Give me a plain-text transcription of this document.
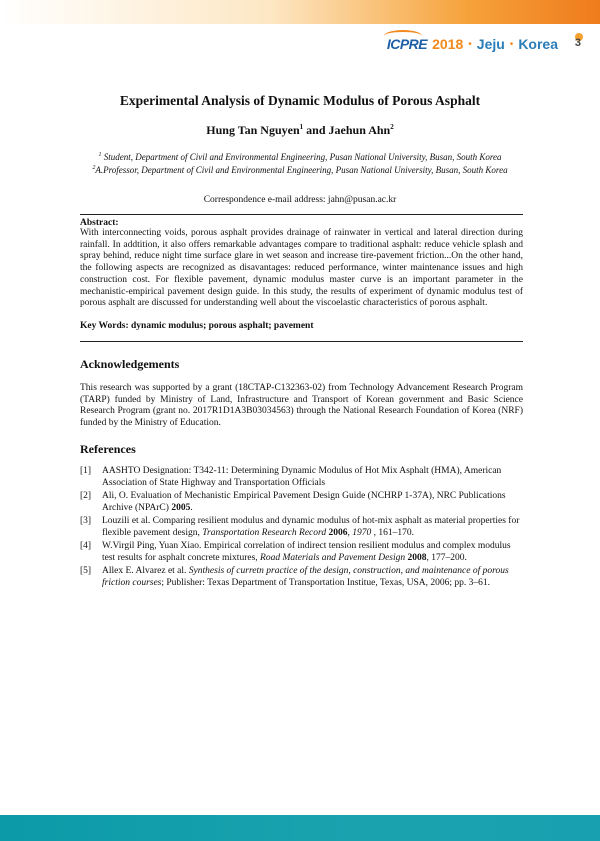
ICPRE 2018 • Jeju • Korea 3
Experimental Analysis of Dynamic Modulus of Porous Asphalt
Hung Tan Nguyen$^1$ and Jaehun Ahn$^2$
$^1$ Student, Department of Civil and Environmental Engineering, Pusan National University, Busan, South Korea
$^2$A.Professor, Department of Civil and Environmental Engineering, Pusan National University, Busan, South Korea
Correspondence e-mail address: jahn@pusan.ac.kr
Abstract:
With interconnecting voids, porous asphalt provides drainage of rainwater in vertical and lateral direction during rainfall. In addtition, it also offers remarkable advantages compare to traditional asphalt: reduce vehicle splash and spray behind, reduce night time surface glare in wet season and increase tire-pavement friction...On the other hand, the following aspects are recognized as disavantages: reduced performance, winter maintenance issues and high construction cost. For flexible pavement, dynamic modulus master curve is an important parameter in the mechanistic-empirical pavement design guide. In this study, the results of experiment of dynamic modulus test of porous asphalt are discussed for understanding well about the viscoelastic characteristics of porous asphalt.
Key Words: dynamic modulus; porous asphalt; pavement
Acknowledgements
This research was supported by a grant (18CTAP-C132363-02) from Technology Advancement Research Program (TARP) funded by Ministry of Land, Infrastructure and Transport of Korean government and Basic Science Research Program (grant no. 2017R1D1A3B03034563) through the National Research Foundation of Korea (NRF) funded by the Ministry of Education.
References
[1]	AASHTO Designation: T342-11: Determining Dynamic Modulus of Hot Mix Asphalt (HMA), American Association of State Highway and Transportation Officials
[2]	Ali, O. Evaluation of Mechanistic Empirical Pavement Design Guide (NCHRP 1-37A), NRC Publications Archive (NPArC) 2005.
[3]	Louzili et al. Comparing resilient modulus and dynamic modulus of hot-mix asphalt as material properties for flexible pavement design, Transportation Research Record 2006, 1970 , 161–170.
[4]	W.Virgil Ping, Yuan Xiao. Empirical correlation of indirect tension resilient modulus and complex modulus test results for asphalt concrete mixtures, Road Materials and Pavement Design 2008, 177–200.
[5]	Allex E. Alvarez et al. Synthesis of curretn practice of the design, construction, and maintenance of porous friction courses; Publisher: Texas Department of Transportation Institue, Texas, USA, 2006; pp. 3–61.
